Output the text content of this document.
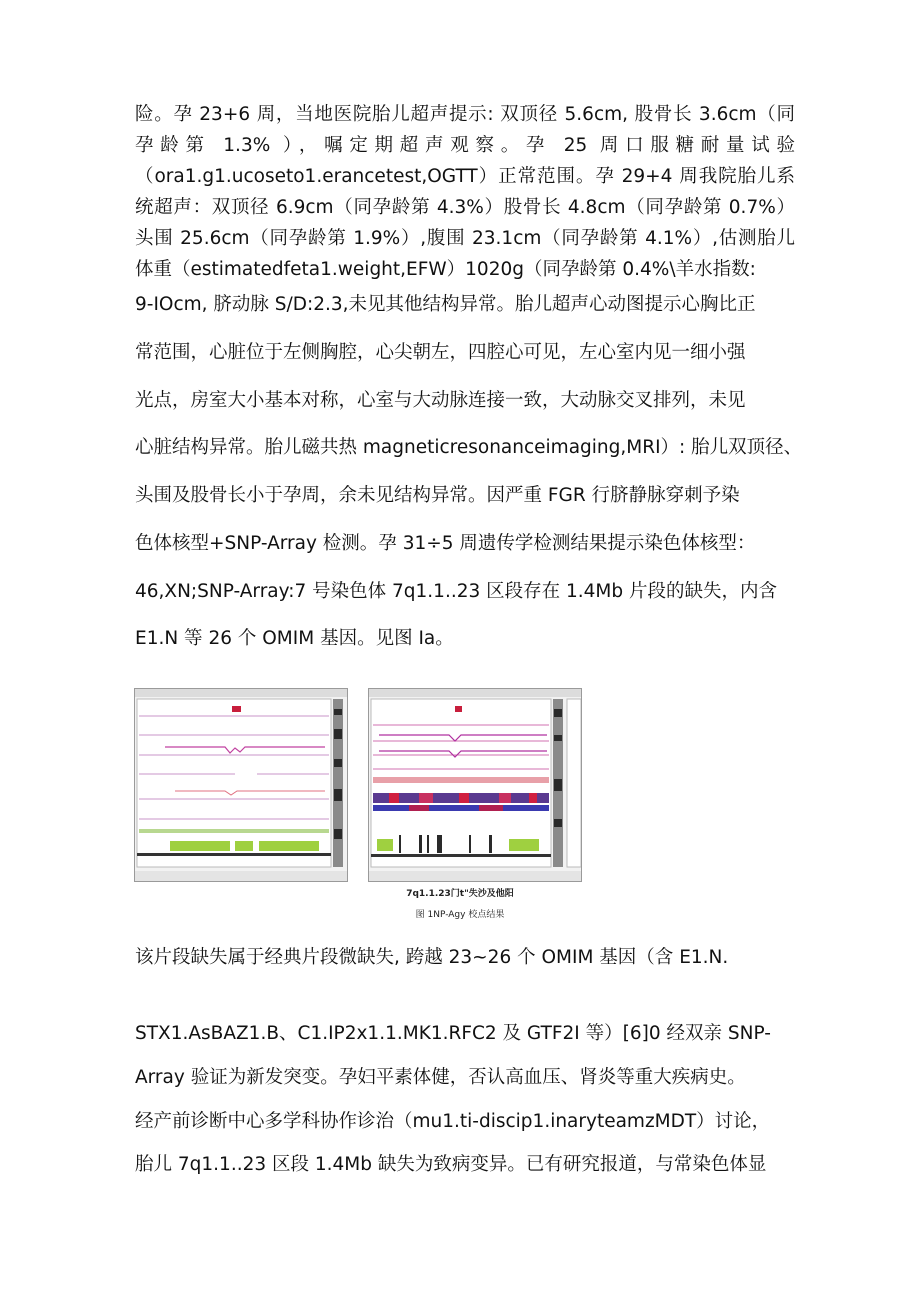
险。孕 23+6 周，当地医院胎儿超声提示: 双顶径 5.6cm, 股骨长 3.6cm（同
孕龄第 1.3% ），嘱定期超声观察。孕 25 周口服糖耐量试验
（ora1.g1.ucoseto1.erancetest,OGTT）正常范围。孕 29+4 周我院胎儿系
统超声：双顶径 6.9cm（同孕龄第 4.3%）股骨长 4.8cm（同孕龄第 0.7%）
头围 25.6cm（同孕龄第 1.9%）,腹围 23.1cm（同孕龄第 4.1%）,估测胎儿
体重（estimatedfeta1.weight,EFW）1020g（同孕龄第 0.4%\羊水指数:
9-IOcm, 脐动脉 S/D:2.3,未见其他结构异常。胎儿超声心动图提示心胸比正
常范围，心脏位于左侧胸腔，心尖朝左，四腔心可见，左心室内见一细小强
光点，房室大小基本对称，心室与大动脉连接一致，大动脉交叉排列，未见
心脏结构异常。胎儿磁共热 magneticresonanceimaging,MRI）: 胎儿双顶径、
头围及股骨长小于孕周，余未见结构异常。因严重 FGR 行脐静脉穿刺予染
色体核型+SNP-Array 检测。孕 31÷5 周遗传学检测结果提示染色体核型：
46,XN;SNP-Array:7 号染色体 7q1.1..23 区段存在 1.4Mb 片段的缺失，内含
E1.N 等 26 个 OMIM 基因。见图 Ia。
7q1.1.23门t"失沙及他阳
图 1NP-Agy 校点结果
该片段缺失属于经典片段微缺失, 跨越 23~26 个 OMIM 基因（含 E1.N.
STX1.AsBAZ1.B、C1.IP2x1.1.MK1.RFC2 及 GTF2I 等）[6]0 经双亲 SNP-
Array 验证为新发突变。孕妇平素体健，否认高血压、肾炎等重大疾病史。
经产前诊断中心多学科协作诊治（mu1.ti-discip1.inaryteamzMDT）讨论，
胎儿 7q1.1..23 区段 1.4Mb 缺失为致病变异。已有研究报道，与常染色体显
